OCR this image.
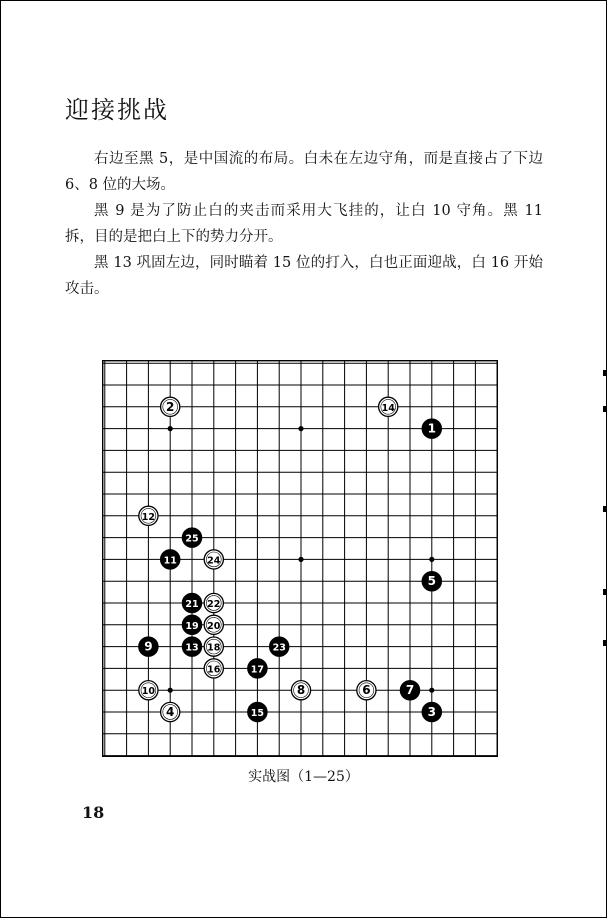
迎接挑战

右边至黑 5，是中国流的布局。白未在左边守角，而是直接占了下边 6、8 位的大场。

黑 9 是为了防止白的夹击而采用大飞挂的，让白 10 守角。黑 11 拆，目的是把白上下的势力分开。

黑 13 巩固左边，同时瞄着 15 位的打入，白也正面迎战，白 16 开始攻击。

1
2
3
4
5
6	7
8
9
10
11
12
13
14
15
16	17
18
19 20
21 22
23
24
25
实战图（1—25）
18
